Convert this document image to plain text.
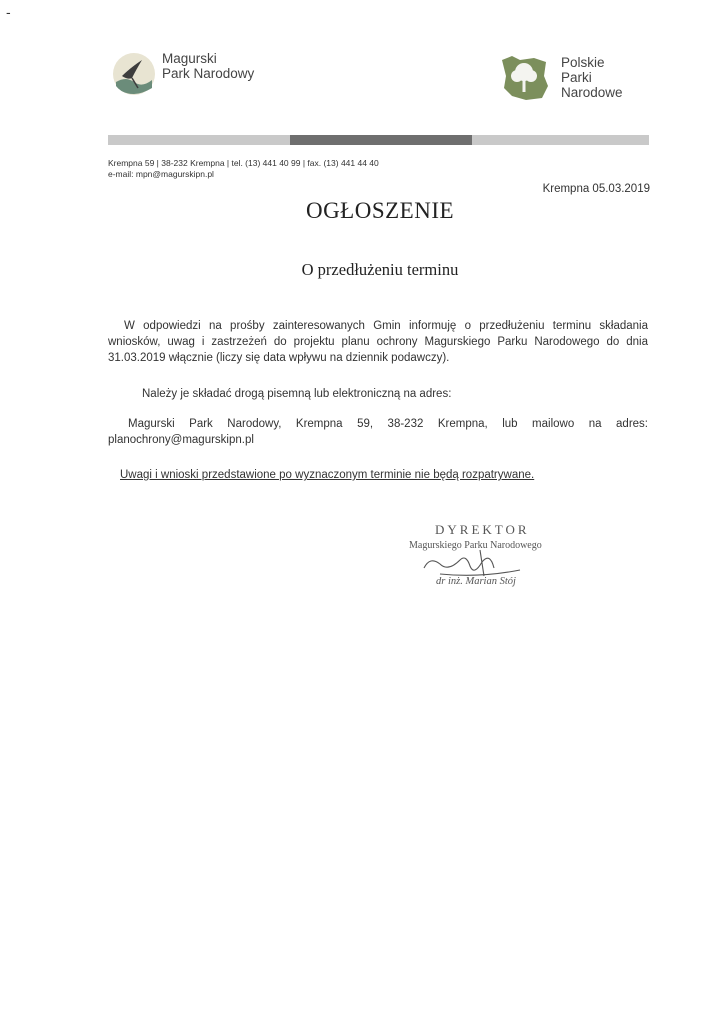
-
Magurski
Park Narodowy
Polskie
Parki
Narodowe
Krempna 59 | 38-232 Krempna | tel. (13) 441 40 99 | fax. (13) 441 44 40
e-mail: mpn@magurskipn.pl
Krempna 05.03.2019
OGŁOSZENIE
O przedłużeniu terminu
W odpowiedzi na prośby zainteresowanych Gmin informuję o przedłużeniu terminu składania wniosków, uwag i zastrzeżeń do projektu planu ochrony Magurskiego Parku Narodowego do dnia 31.03.2019 włącznie (liczy się data wpływu na dziennik podawczy).
Należy je składać drogą pisemną lub elektroniczną na adres:
Magurski Park Narodowy, Krempna 59, 38-232 Krempna, lub mailowo na adres: planochrony@magurskipn.pl
Uwagi i wnioski przedstawione po wyznaczonym terminie nie będą rozpatrywane.
DYREKTOR
Magurskiego Parku Narodowego
dr inż. Marian Stój
